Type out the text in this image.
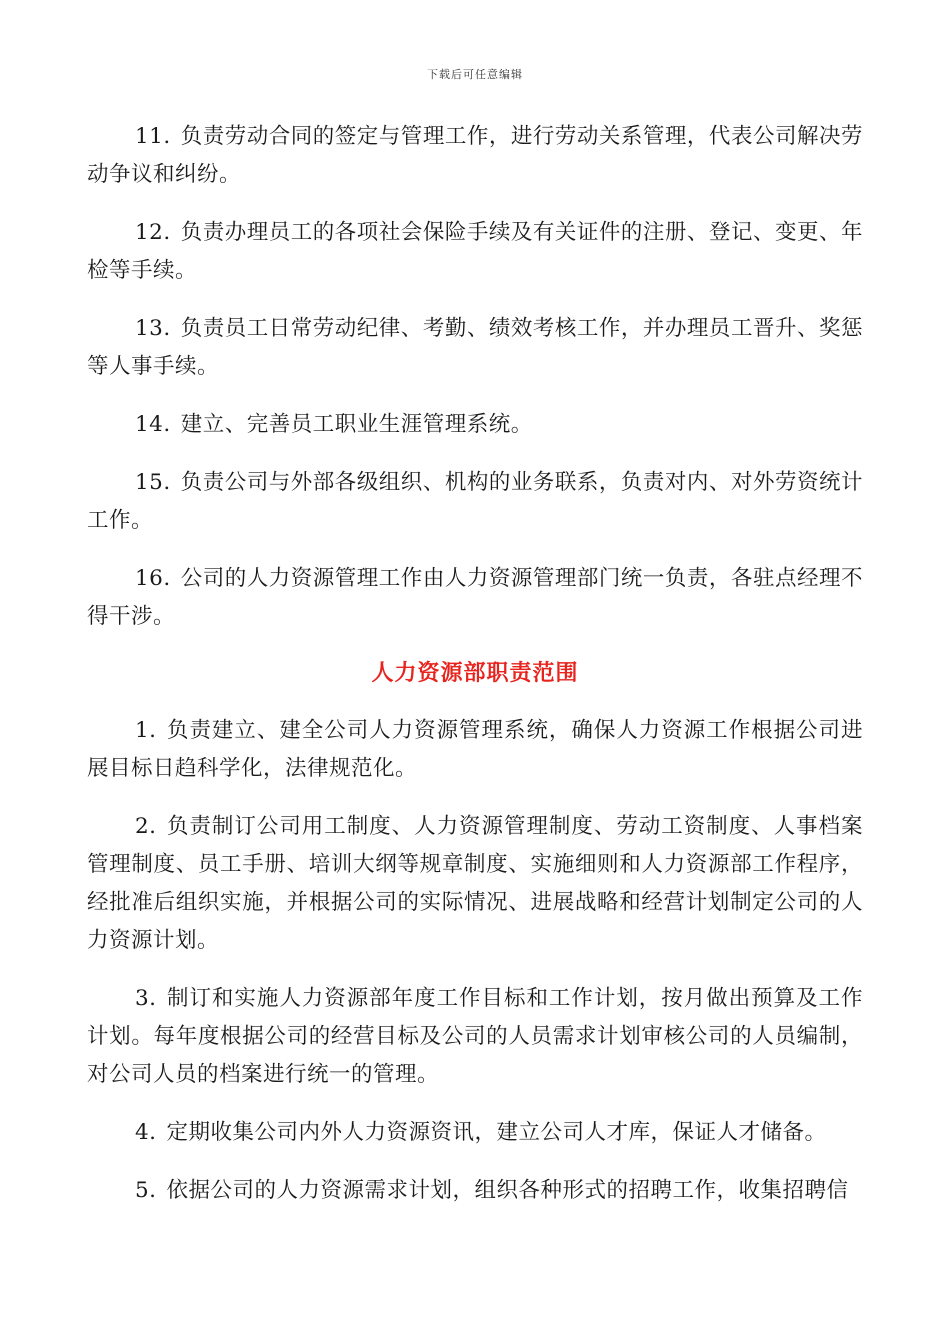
下载后可任意编辑

11. 负责劳动合同的签定与管理工作，进行劳动关系管理，代表公司解决劳动争议和纠纷。

12. 负责办理员工的各项社会保险手续及有关证件的注册、登记、变更、年检等手续。

13. 负责员工日常劳动纪律、考勤、绩效考核工作，并办理员工晋升、奖惩等人事手续。

14. 建立、完善员工职业生涯管理系统。

15. 负责公司与外部各级组织、机构的业务联系，负责对内、对外劳资统计工作。

16. 公司的人力资源管理工作由人力资源管理部门统一负责，各驻点经理不得干涉。

人力资源部职责范围

1. 负责建立、建全公司人力资源管理系统，确保人力资源工作根据公司进展目标日趋科学化，法律规范化。

2. 负责制订公司用工制度、人力资源管理制度、劳动工资制度、人事档案管理制度、员工手册、培训大纲等规章制度、实施细则和人力资源部工作程序，经批准后组织实施，并根据公司的实际情况、进展战略和经营计划制定公司的人力资源计划。

3. 制订和实施人力资源部年度工作目标和工作计划，按月做出预算及工作计划。每年度根据公司的经营目标及公司的人员需求计划审核公司的人员编制，对公司人员的档案进行统一的管理。

4. 定期收集公司内外人力资源资讯，建立公司人才库，保证人才储备。

5. 依据公司的人力资源需求计划，组织各种形式的招聘工作，收集招聘信
